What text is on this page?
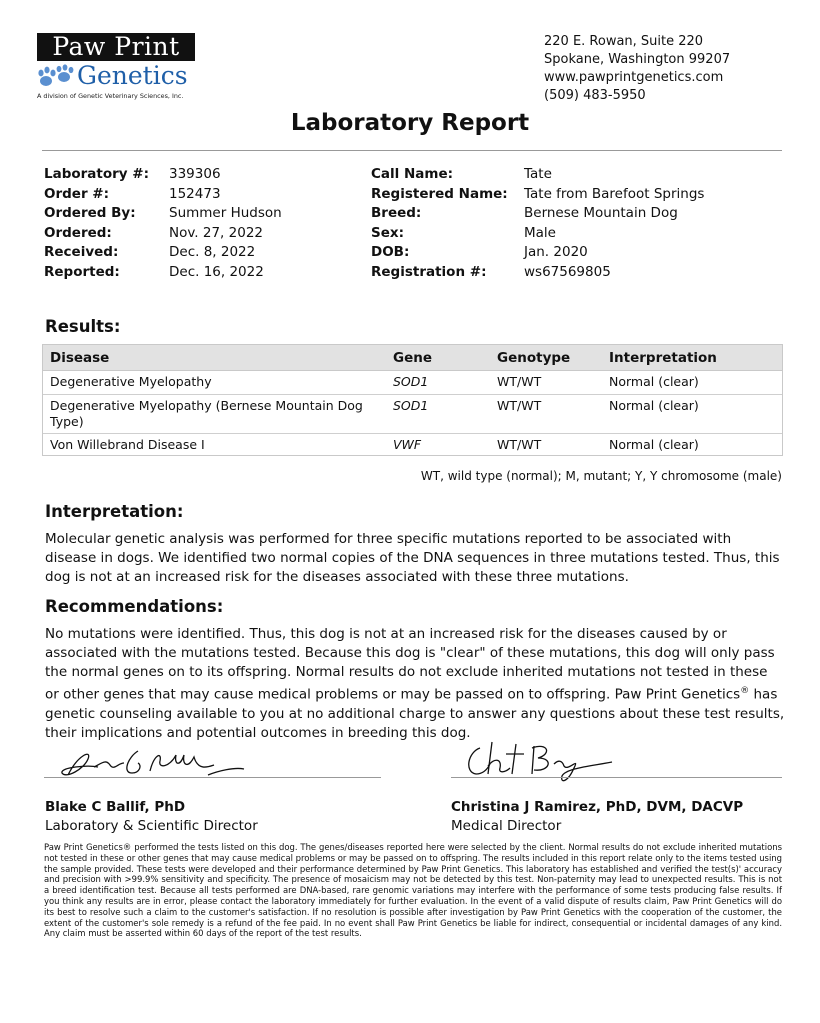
Paw Print
Genetics
A division of Genetic Veterinary Sciences, Inc.
220 E. Rowan, Suite 220
Spokane, Washington 99207
www.pawprintgenetics.com
(509) 483-5950
Laboratory Report
Laboratory #:	339306
Order #:	152473
Ordered By:	Summer Hudson
Ordered:	Nov. 27, 2022
Received:	Dec. 8, 2022
Reported:	Dec. 16, 2022
Call Name:	Tate
Registered Name:	Tate from Barefoot Springs
Breed:	Bernese Mountain Dog
Sex:	Male
DOB:	Jan. 2020
Registration #:	ws67569805
Results:
Disease	Gene	Genotype	Interpretation
Degenerative Myelopathy	SOD1	WT/WT	Normal (clear)
Degenerative Myelopathy (Bernese Mountain Dog Type)	SOD1	WT/WT	Normal (clear)
Von Willebrand Disease I	VWF	WT/WT	Normal (clear)
WT, wild type (normal); M, mutant; Y, Y chromosome (male)
Interpretation:
Molecular genetic analysis was performed for three specific mutations reported to be associated with disease in dogs. We identified two normal copies of the DNA sequences in three mutations tested. Thus, this dog is not at an increased risk for the diseases associated with these three mutations.
Recommendations:
No mutations were identified. Thus, this dog is not at an increased risk for the diseases caused by or associated with the mutations tested. Because this dog is "clear" of these mutations, this dog will only pass the normal genes on to its offspring. Normal results do not exclude inherited mutations not tested in these or other genes that may cause medical problems or may be passed on to offspring. Paw Print Genetics® has genetic counseling available to you at no additional charge to answer any questions about these test results, their implications and potential outcomes in breeding this dog.
Blake C Ballif, PhD
Laboratory & Scientific Director
Christina J Ramirez, PhD, DVM, DACVP
Medical Director
Paw Print Genetics® performed the tests listed on this dog. The genes/diseases reported here were selected by the client. Normal results do not exclude inherited mutations not tested in these or other genes that may cause medical problems or may be passed on to offspring. The results included in this report relate only to the items tested using the sample provided. These tests were developed and their performance determined by Paw Print Genetics. This laboratory has established and verified the test(s)' accuracy and precision with >99.9% sensitivity and specificity. The presence of mosaicism may not be detected by this test. Non-paternity may lead to unexpected results. This is not a breed identification test. Because all tests performed are DNA-based, rare genomic variations may interfere with the performance of some tests producing false results. If you think any results are in error, please contact the laboratory immediately for further evaluation. In the event of a valid dispute of results claim, Paw Print Genetics will do its best to resolve such a claim to the customer's satisfaction. If no resolution is possible after investigation by Paw Print Genetics with the cooperation of the customer, the extent of the customer's sole remedy is a refund of the fee paid. In no event shall Paw Print Genetics be liable for indirect, consequential or incidental damages of any kind. Any claim must be asserted within 60 days of the report of the test results.
